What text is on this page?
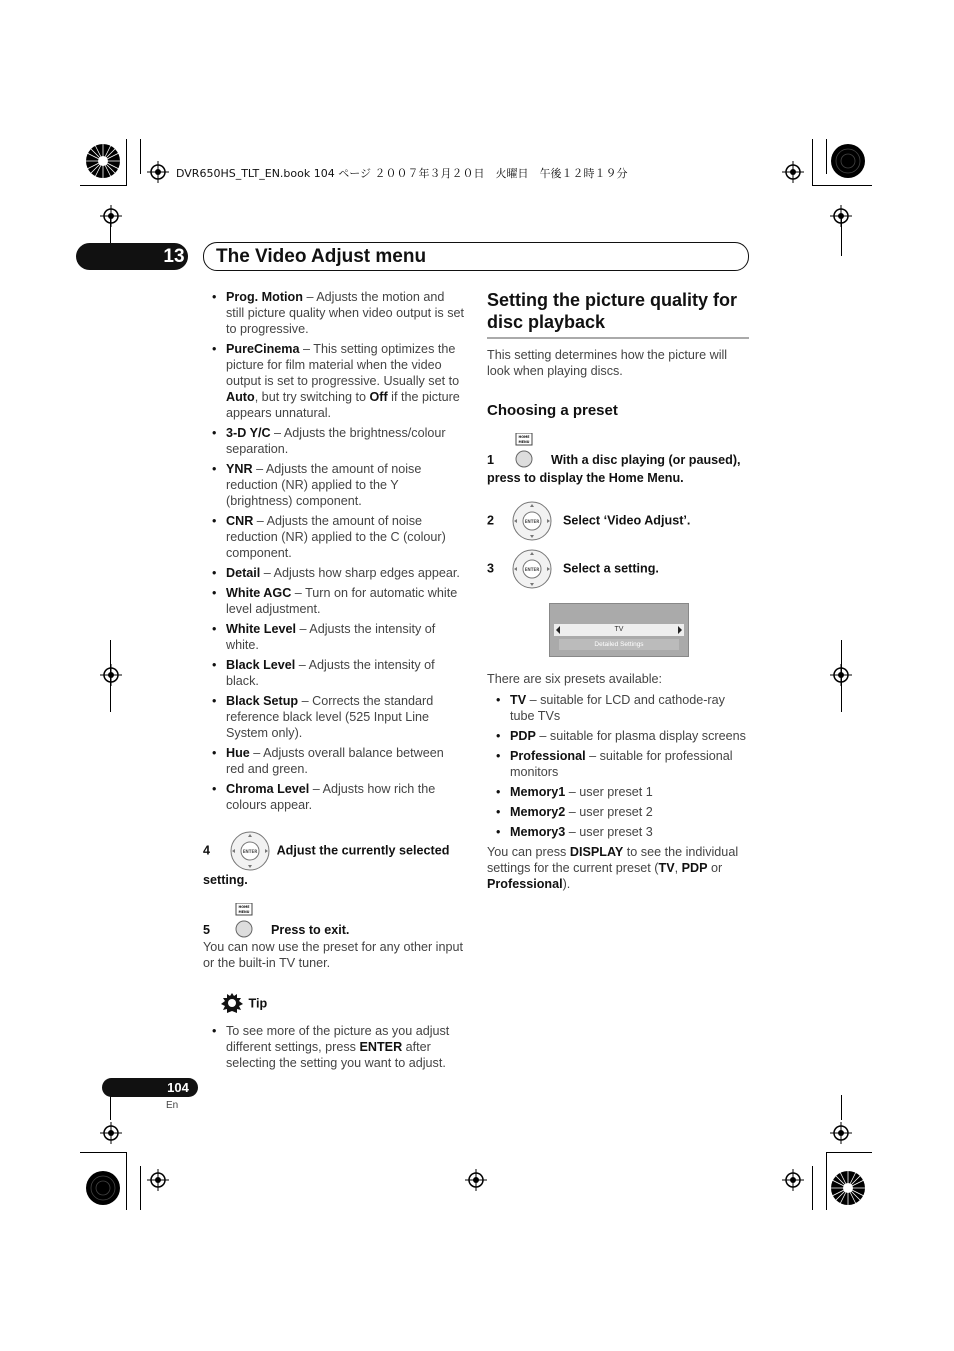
DVR650HS_TLT_EN.book 104 ページ ２００７年３月２０日　火曜日　午後１２時１９分
13 The Video Adjust menu
• Prog. Motion – Adjusts the motion and still picture quality when video output is set to progressive.
• PureCinema – This setting optimizes the picture for film material when the video output is set to progressive. Usually set to Auto, but try switching to Off if the picture appears unnatural.
• 3-D Y/C – Adjusts the brightness/colour separation.
• YNR – Adjusts the amount of noise reduction (NR) applied to the Y (brightness) component.
• CNR – Adjusts the amount of noise reduction (NR) applied to the C (colour) component.
• Detail – Adjusts how sharp edges appear.
• White AGC – Turn on for automatic white level adjustment.
• White Level – Adjusts the intensity of white.
• Black Level – Adjusts the intensity of black.
• Black Setup – Corrects the standard reference black level (525 Input Line System only).
• Hue – Adjusts overall balance between red and green.
• Chroma Level – Adjusts how rich the colours appear.
4	ENTER Adjust the currently selected setting.
5
HOME
MENU
Press to exit.
You can now use the preset for any other input or the built-in TV tuner.
Tip
• To see more of the picture as you adjust different settings, press ENTER after selecting the setting you want to adjust.
Setting the picture quality for disc playback
This setting determines how the picture will look when playing discs.
Choosing a preset
1
HOME
MENU
With a disc playing (or paused), press to display the Home Menu.
2	ENTER Select ‘Video Adjust’.
3	ENTER Select a setting.
TV
Detailed Settings
There are six presets available:
• TV – suitable for LCD and cathode-ray tube TVs
• PDP – suitable for plasma display screens
• Professional – suitable for professional monitors
• Memory1 – user preset 1
• Memory2 – user preset 2
• Memory3 – user preset 3
You can press DISPLAY to see the individual settings for the current preset (TV, PDP or Professional).
104
En
